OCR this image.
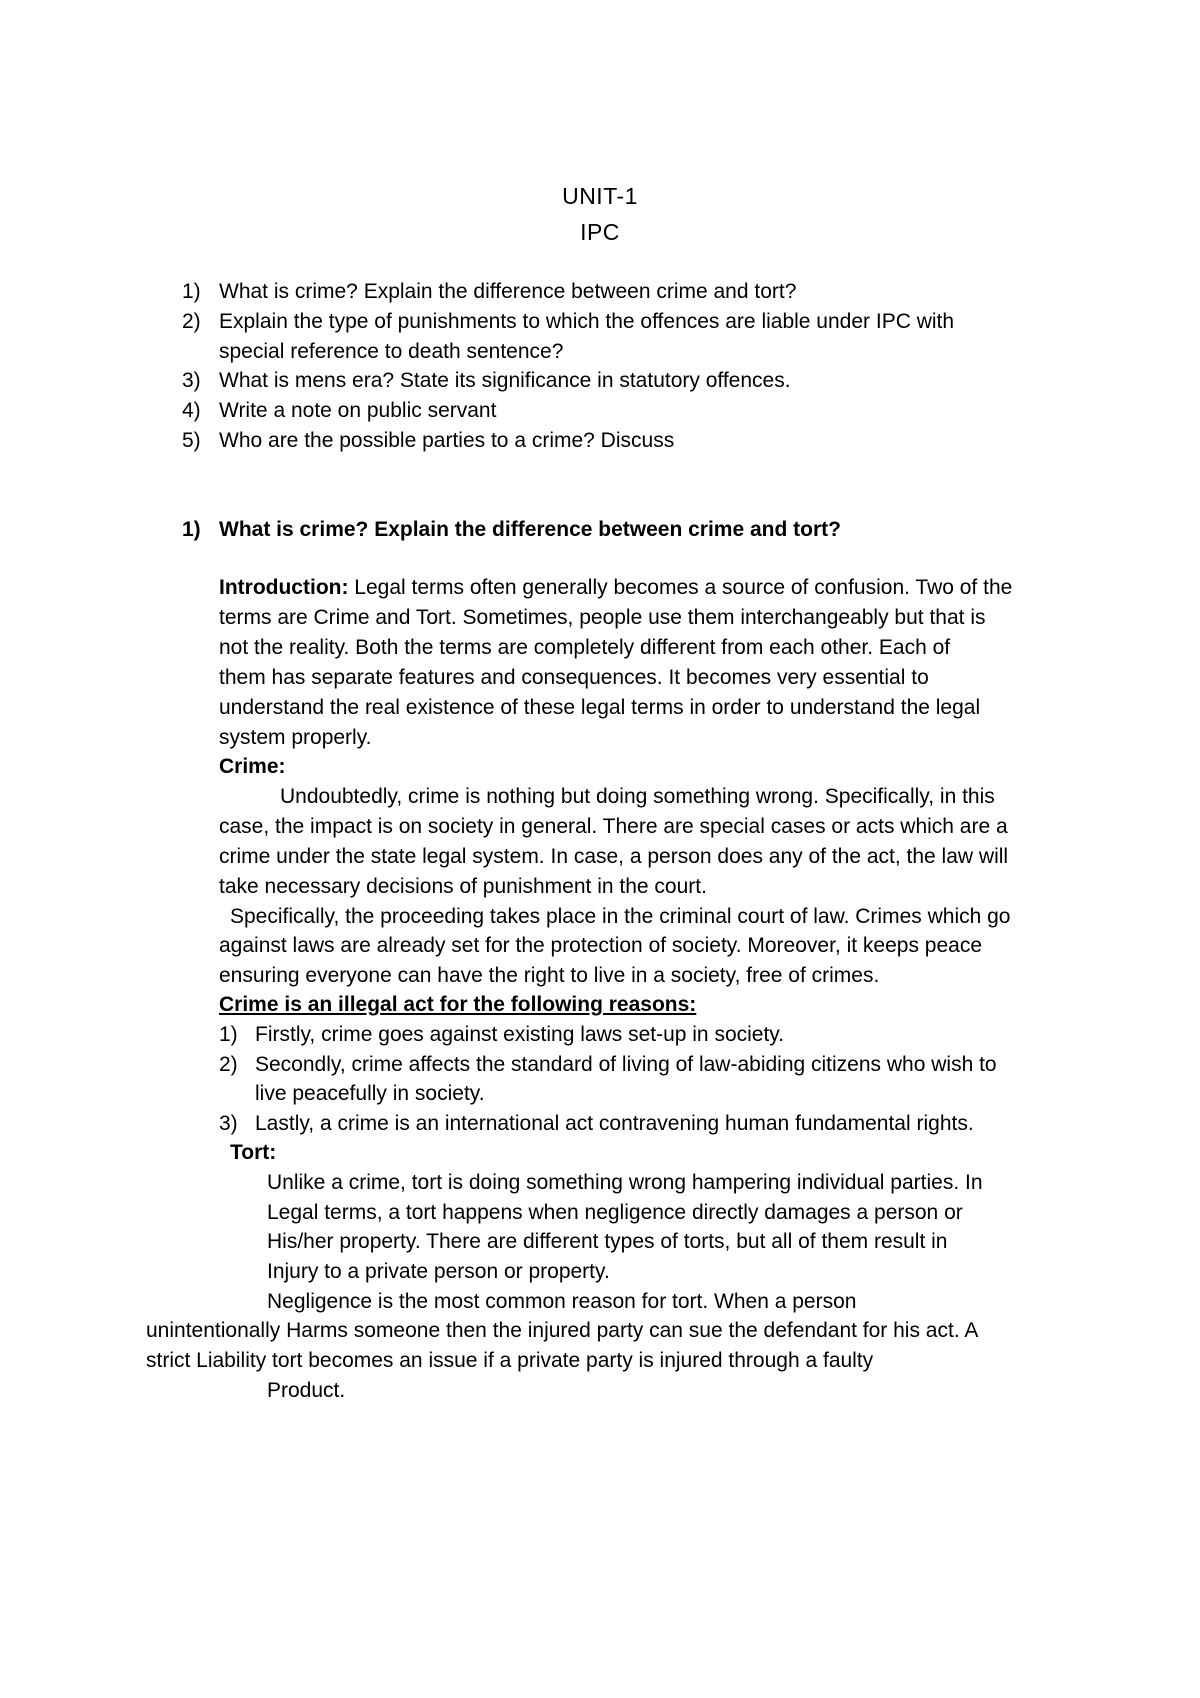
UNIT-1
IPC
1) What is crime? Explain the difference between crime and tort?
2) Explain the type of punishments to which the offences are liable under IPC with
special reference to death sentence?
3) What is mens era? State its significance in statutory offences.
4) Write a note on public servant
5) Who are the possible parties to a crime? Discuss
1) What is crime? Explain the difference between crime and tort?
Introduction: Legal terms often generally becomes a source of confusion. Two of the
terms are Crime and Tort. Sometimes, people use them interchangeably but that is
not the reality. Both the terms are completely different from each other. Each of
them has separate features and consequences. It becomes very essential to
understand the real existence of these legal terms in order to understand the legal
system properly.
Crime:
Undoubtedly, crime is nothing but doing something wrong. Specifically, in this
case, the impact is on society in general. There are special cases or acts which are a
crime under the state legal system. In case, a person does any of the act, the law will
take necessary decisions of punishment in the court.
Specifically, the proceeding takes place in the criminal court of law. Crimes which go
against laws are already set for the protection of society. Moreover, it keeps peace
ensuring everyone can have the right to live in a society, free of crimes.
Crime is an illegal act for the following reasons:
1) Firstly, crime goes against existing laws set-up in society.
2) Secondly, crime affects the standard of living of law-abiding citizens who wish to
live peacefully in society.
3) Lastly, a crime is an international act contravening human fundamental rights.
Tort:
Unlike a crime, tort is doing something wrong hampering individual parties. In
Legal terms, a tort happens when negligence directly damages a person or
His/her property. There are different types of torts, but all of them result in
Injury to a private person or property.
Negligence is the most common reason for tort. When a person
unintentionally Harms someone then the injured party can sue the defendant for his act. A
strict Liability tort becomes an issue if a private party is injured through a faulty
Product.
